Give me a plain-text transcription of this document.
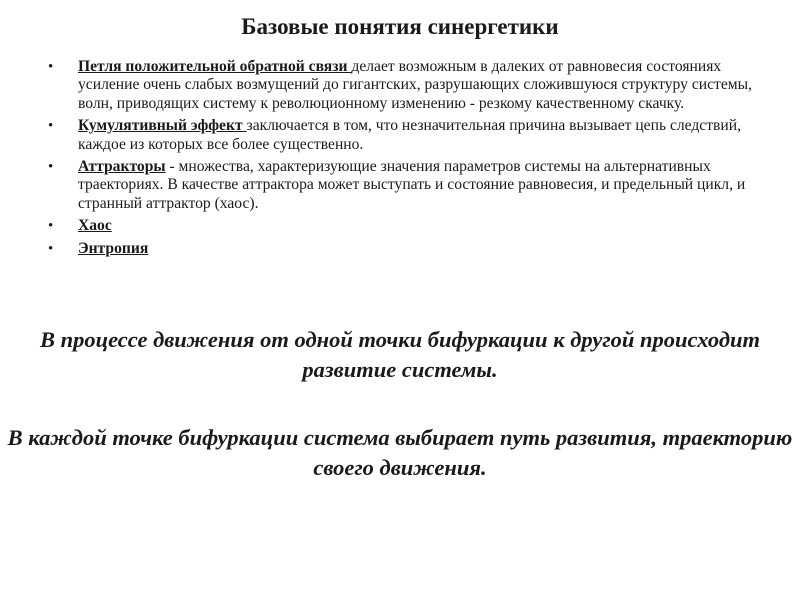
Базовые понятия синергетики
• Петля положительной обратной связи делает возможным в далеких от равновесия состояниях усиление очень слабых возмущений до гигантских, разрушающих сложившуюся структуру системы, волн, приводящих систему к революционному изменению - резкому качественному скачку.
• Кумулятивный эффект заключается в том, что незначительная причина вызывает цепь следствий, каждое из которых все более существенно.
• Аттракторы - множества, характеризующие значения параметров системы на альтернативных траекториях. В качестве аттрактора может выступать и состояние равновесия, и предельный цикл, и странный аттрактор (хаос).
• Хаос
• Энтропия

В процессе движения от одной точки бифуркации к другой происходит развитие системы.

В каждой точке бифуркации система выбирает путь развития, траекторию своего движения.
